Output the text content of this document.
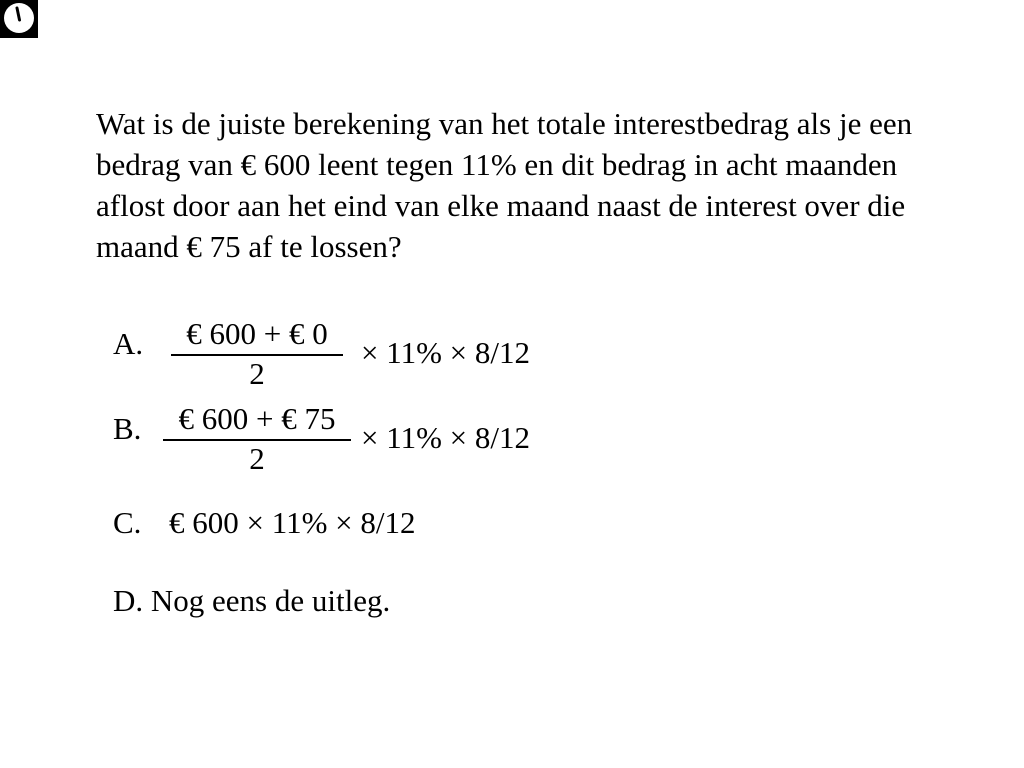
Wat is de juiste berekening van het totale interestbedrag als je een bedrag van € 600 leent tegen 11% en dit bedrag in acht maanden aflost door aan het eind van elke maand naast de interest over die maand € 75 af te lossen?

A.	€ 600 + € 0
2
× 11% × 8/12
B.	€ 600 + € 75
2
× 11% × 8/12
C. € 600 × 11% × 8/12
D. Nog eens de uitleg.
